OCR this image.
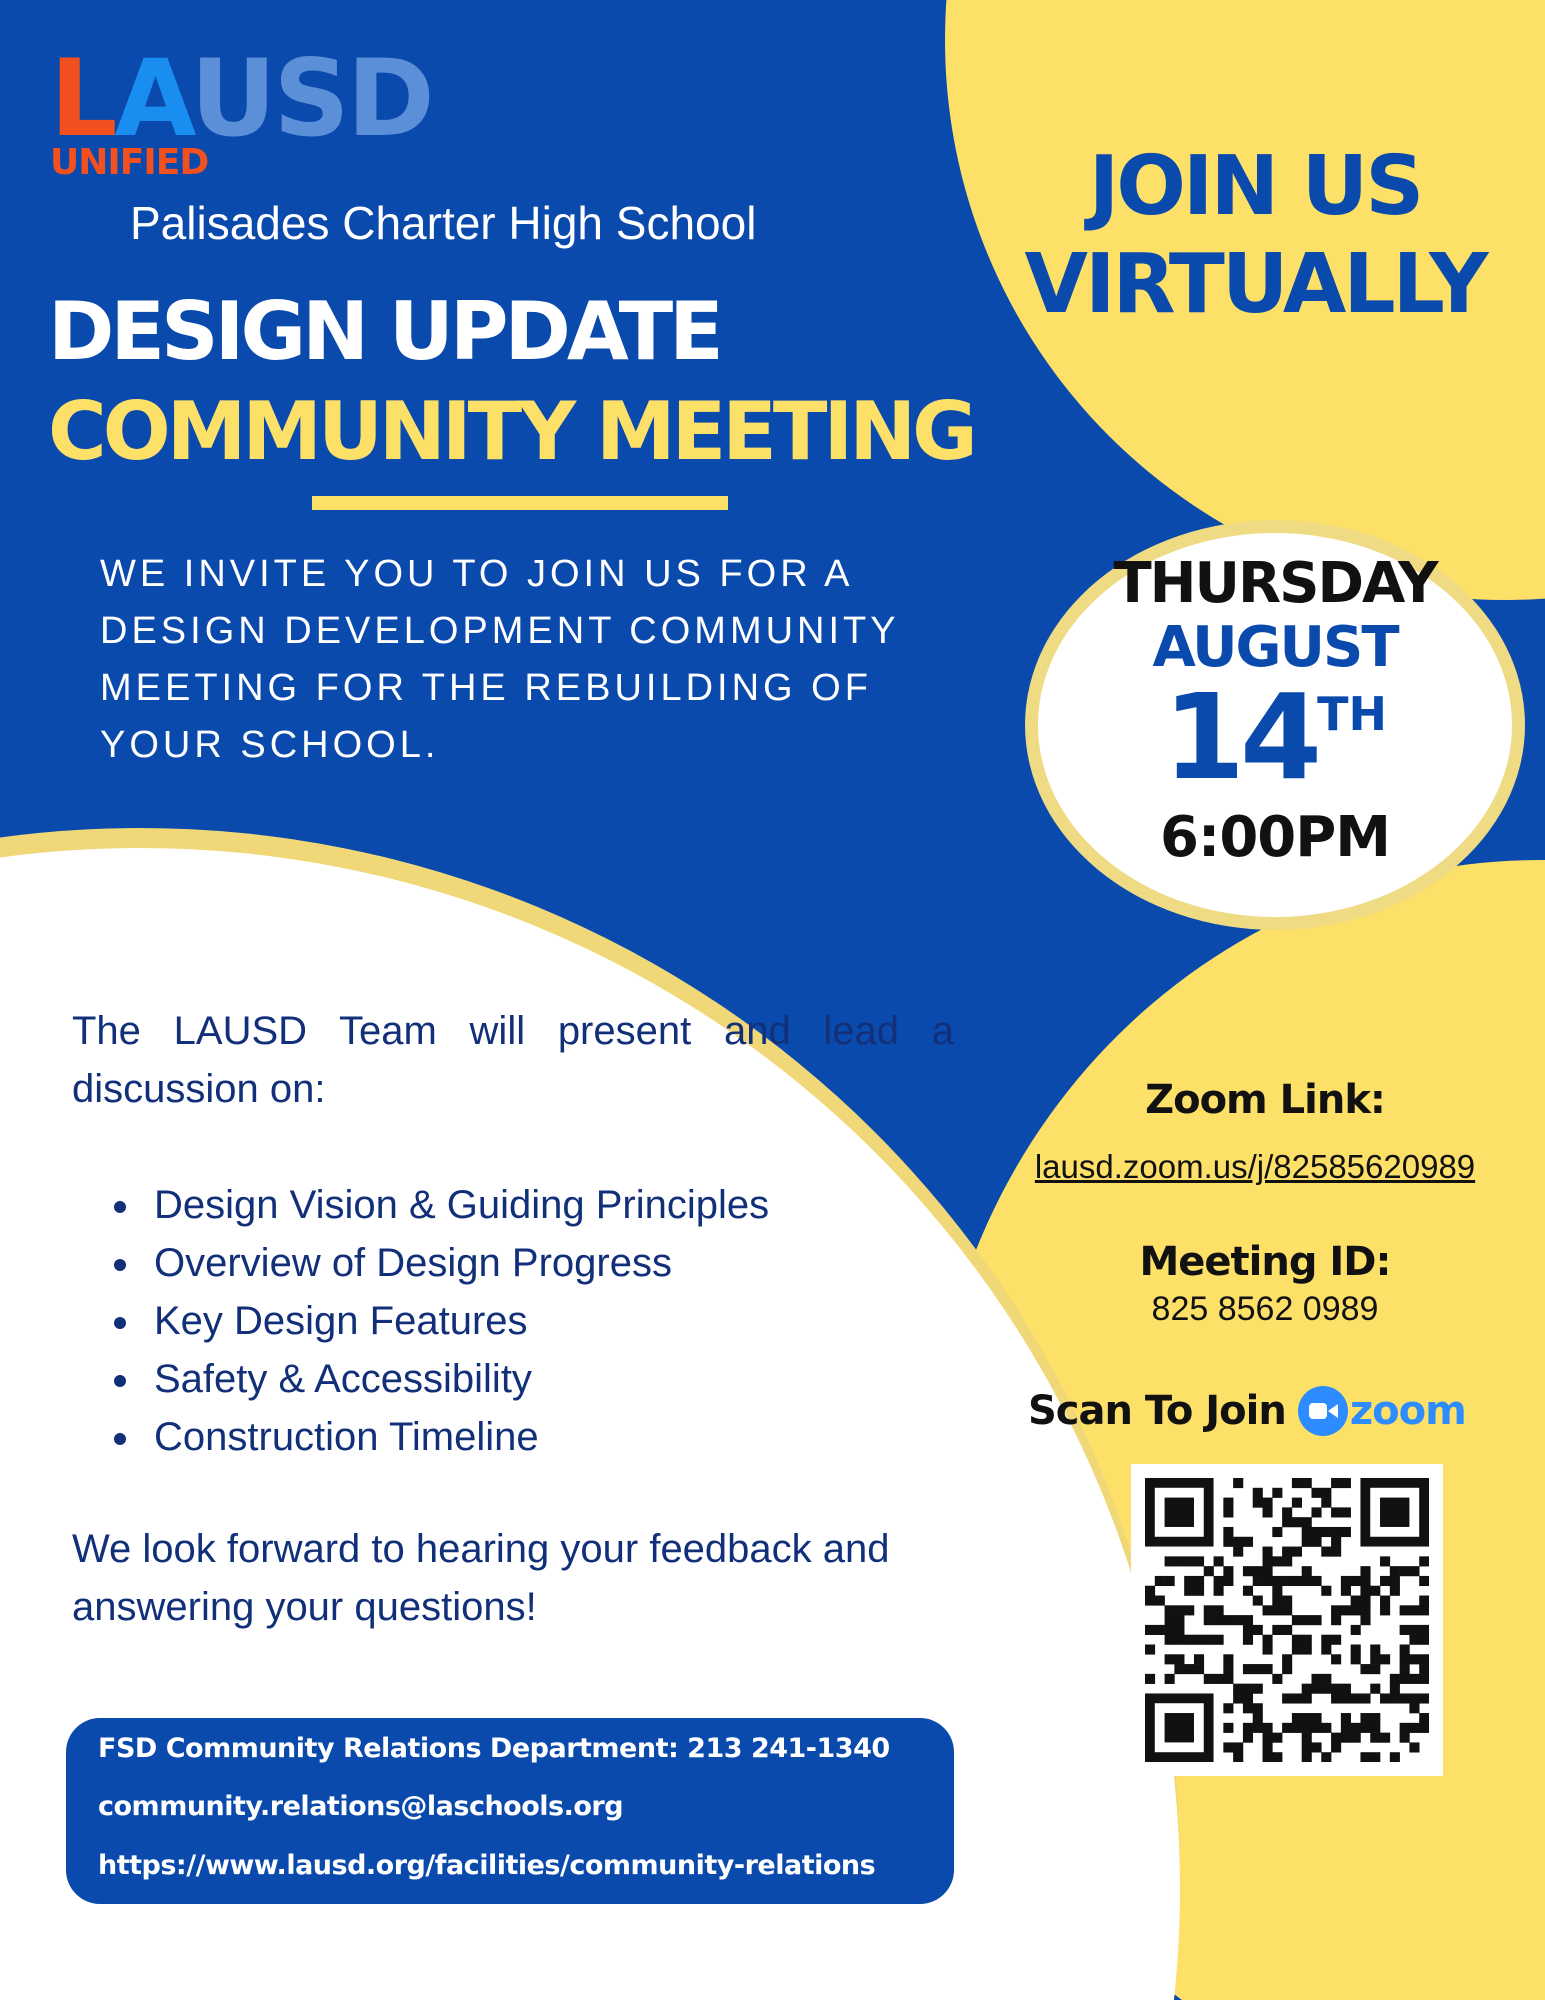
LAUSD
UNIFIED
Palisades Charter High School
DESIGN UPDATE
COMMUNITY MEETING
WE INVITE YOU TO JOIN US FOR A DESIGN DEVELOPMENT COMMUNITY MEETING FOR THE REBUILDING OF YOUR SCHOOL.
JOIN US
VIRTUALLY
THURSDAY
AUGUST
14TH
6:00PM
The LAUSD Team will present and lead a discussion on:
• Design Vision & Guiding Principles
• Overview of Design Progress
• Key Design Features
• Safety & Accessibility
• Construction Timeline
We look forward to hearing your feedback and answering your questions!
FSD Community Relations Department: 213 241-1340
community.relations@laschools.org
https://www.lausd.org/facilities/community-relations
Zoom Link:
lausd.zoom.us/j/82585620989
Meeting ID:
825 8562 0989
Scan To Join zoom
